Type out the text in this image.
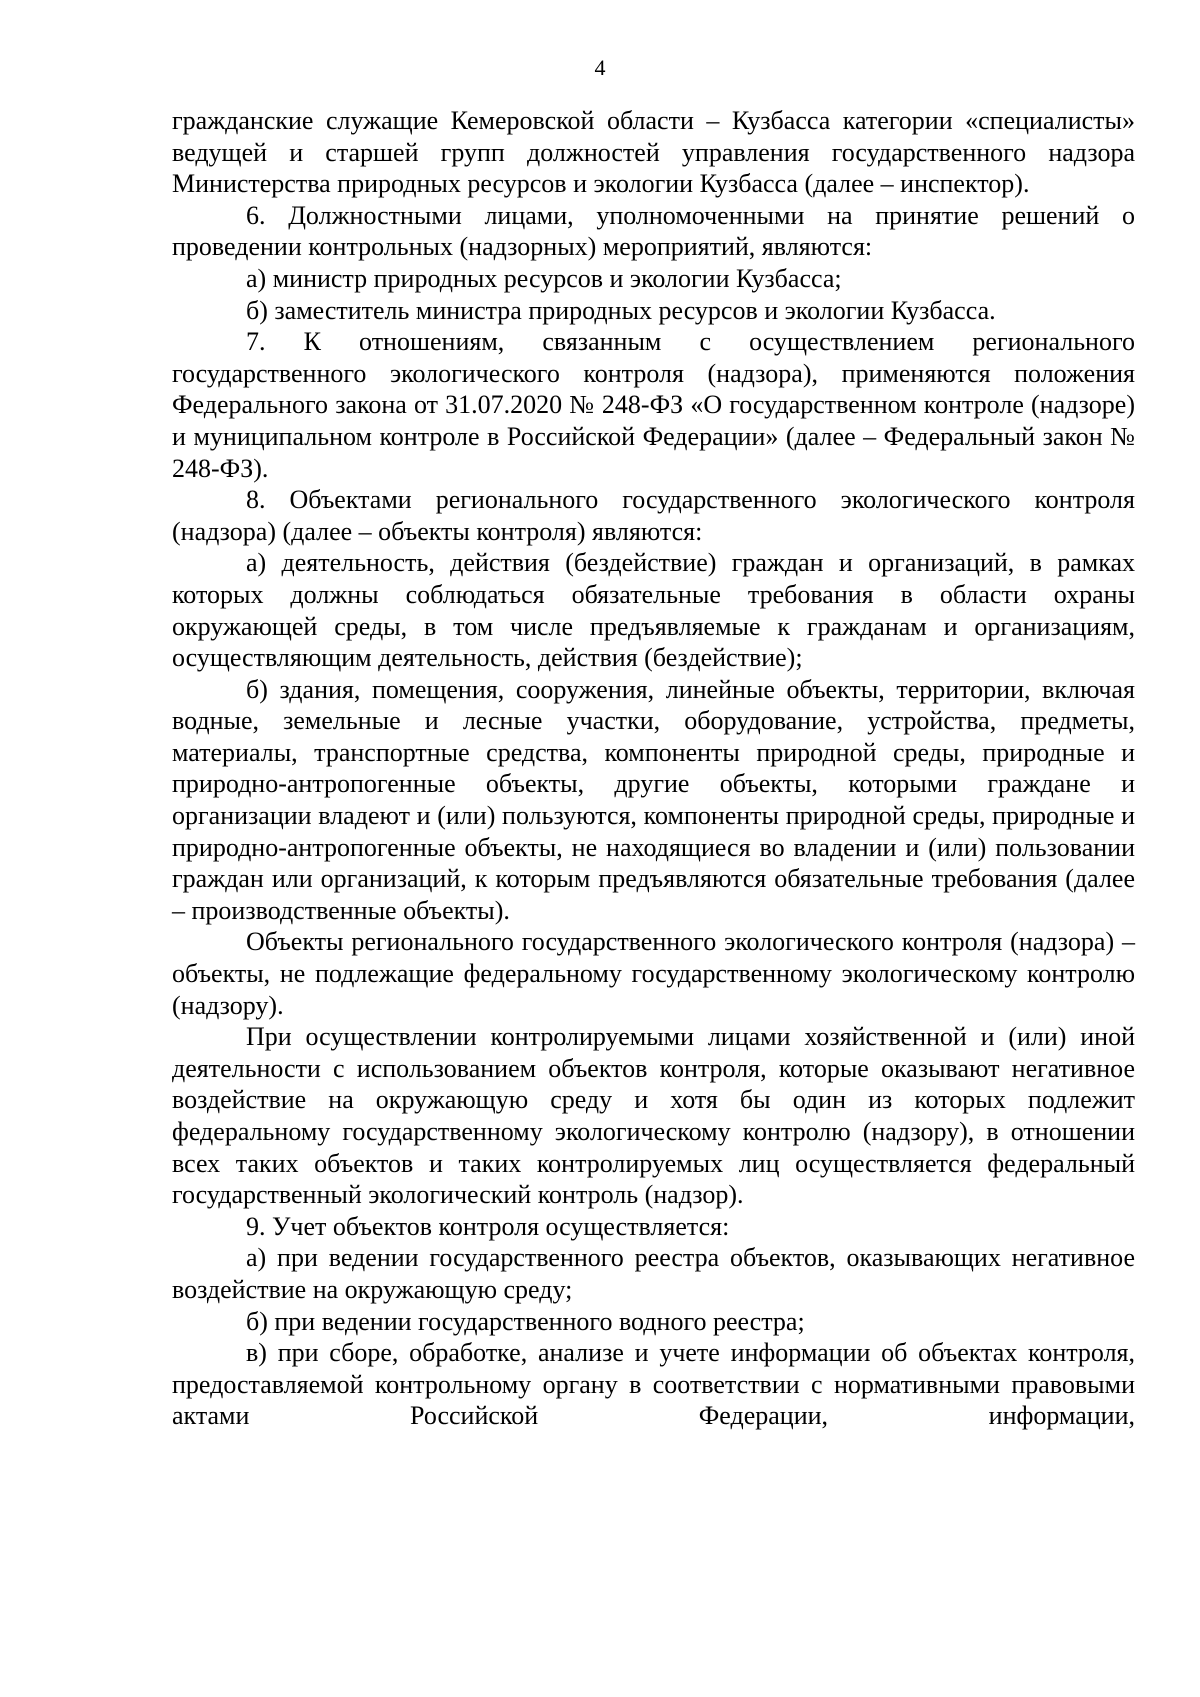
4

гражданские служащие Кемеровской области – Кузбасса категории «специалисты» ведущей и старшей групп должностей управления государственного надзора Министерства природных ресурсов и экологии Кузбасса (далее – инспектор).

6. Должностными лицами, уполномоченными на принятие решений о проведении контрольных (надзорных) мероприятий, являются:

а) министр природных ресурсов и экологии Кузбасса;

б) заместитель министра природных ресурсов и экологии Кузбасса.

7. К отношениям, связанным с осуществлением регионального государственного экологического контроля (надзора), применяются положения Федерального закона от 31.07.2020 № 248-ФЗ «О государственном контроле (надзоре) и муниципальном контроле в Российской Федерации» (далее – Федеральный закон № 248-ФЗ).

8. Объектами регионального государственного экологического контроля (надзора) (далее – объекты контроля) являются:

а) деятельность, действия (бездействие) граждан и организаций, в рамках которых должны соблюдаться обязательные требования в области охраны окружающей среды, в том числе предъявляемые к гражданам и организациям, осуществляющим деятельность, действия (бездействие);

б) здания, помещения, сооружения, линейные объекты, территории, включая водные, земельные и лесные участки, оборудование, устройства, предметы, материалы, транспортные средства, компоненты природной среды, природные и природно-антропогенные объекты, другие объекты, которыми граждане и организации владеют и (или) пользуются, компоненты природной среды, природные и природно-антропогенные объекты, не находящиеся во владении и (или) пользовании граждан или организаций, к которым предъявляются обязательные требования (далее – производственные объекты).

Объекты регионального государственного экологического контроля (надзора) – объекты, не подлежащие федеральному государственному экологическому контролю (надзору).

При осуществлении контролируемыми лицами хозяйственной и (или) иной деятельности с использованием объектов контроля, которые оказывают негативное воздействие на окружающую среду и хотя бы один из которых подлежит федеральному государственному экологическому контролю (надзору), в отношении всех таких объектов и таких контролируемых лиц осуществляется федеральный государственный экологический контроль (надзор).

9. Учет объектов контроля осуществляется:

а) при ведении государственного реестра объектов, оказывающих негативное воздействие на окружающую среду;

б) при ведении государственного водного реестра;

в) при сборе, обработке, анализе и учете информации об объектах контроля, предоставляемой контрольному органу в соответствии с нормативными правовыми актами Российской Федерации, информации,
